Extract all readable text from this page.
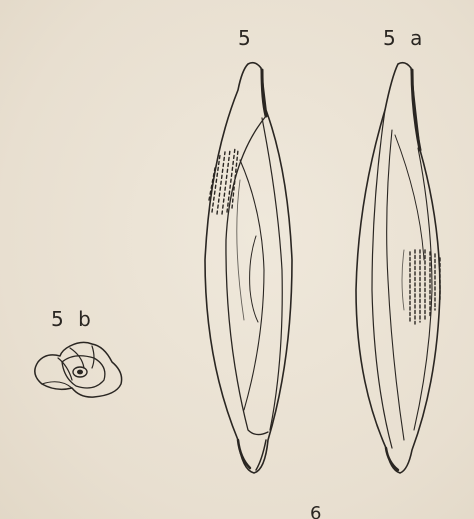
5	5 a
5 b
6
